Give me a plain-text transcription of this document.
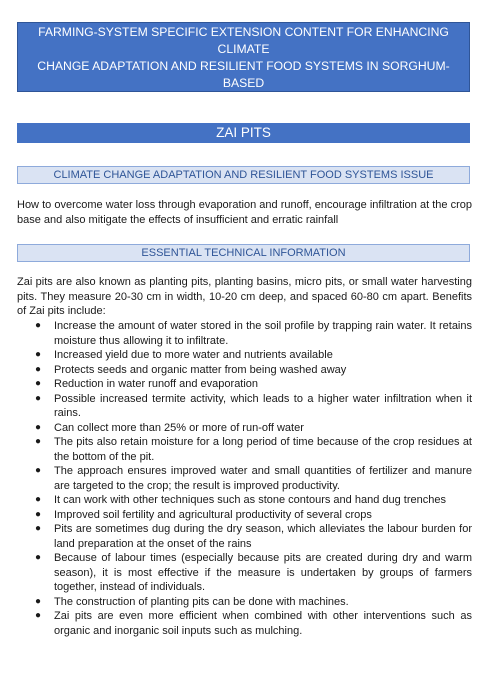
FARMING-SYSTEM SPECIFIC EXTENSION CONTENT FOR ENHANCING CLIMATE
CHANGE ADAPTATION AND RESILIENT FOOD SYSTEMS IN SORGHUM-BASED
DRYLAND FARMING SYSTEMS OF TANZANIA AND BURKINA FASO
ZAI PITS
CLIMATE CHANGE ADAPTATION AND RESILIENT FOOD SYSTEMS ISSUE
How to overcome water loss through evaporation and runoff, encourage infiltration at the crop base and also mitigate the effects of insufficient and erratic rainfall
ESSENTIAL TECHNICAL INFORMATION
Zai pits are also known as planting pits, planting basins, micro pits, or small water harvesting pits. They measure 20-30 cm in width, 10-20 cm deep, and spaced 60-80 cm apart. Benefits of Zai pits include:
● Increase the amount of water stored in the soil profile by trapping rain water. It retains moisture thus allowing it to infiltrate.
● Increased yield due to more water and nutrients available
● Protects seeds and organic matter from being washed away
● Reduction in water runoff and evaporation
● Possible increased termite activity, which leads to a higher water infiltration when it rains.
● Can collect more than 25% or more of run-off water
● The pits also retain moisture for a long period of time because of the crop residues at the bottom of the pit.
● The approach ensures improved water and small quantities of fertilizer and manure are targeted to the crop; the result is improved productivity.
● It can work with other techniques such as stone contours and hand dug trenches
● Improved soil fertility and agricultural productivity of several crops
● Pits are sometimes dug during the dry season, which alleviates the labour burden for land preparation at the onset of the rains
● Because of labour times (especially because pits are created during dry and warm season), it is most effective if the measure is undertaken by groups of farmers together, instead of individuals.
● The construction of planting pits can be done with machines.
● Zai pits are even more efficient when combined with other interventions such as organic and inorganic soil inputs such as mulching.
